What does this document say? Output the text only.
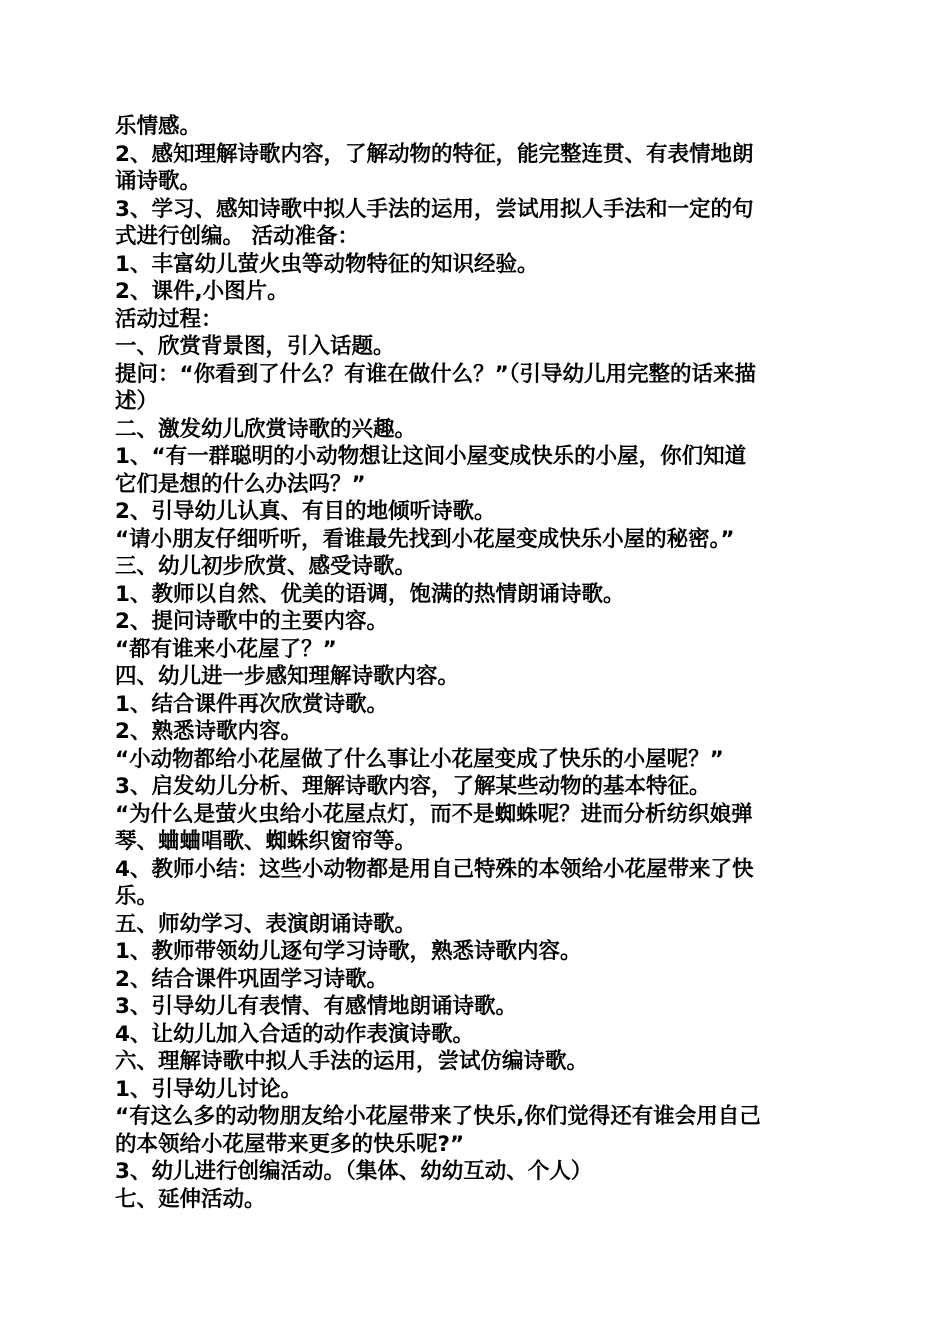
乐情感。
2、感知理解诗歌内容，了解动物的特征，能完整连贯、有表情地朗
诵诗歌。
3、学习、感知诗歌中拟人手法的运用，尝试用拟人手法和一定的句
式进行创编。 活动准备：
1、丰富幼儿萤火虫等动物特征的知识经验。
2、课件,小图片。
活动过程：
一、欣赏背景图，引入话题。
提问：“你看到了什么？有谁在做什么？”（引导幼儿用完整的话来描
述）
二、激发幼儿欣赏诗歌的兴趣。
1、“有一群聪明的小动物想让这间小屋变成快乐的小屋，你们知道
它们是想的什么办法吗？”
2、引导幼儿认真、有目的地倾听诗歌。
“请小朋友仔细听听，看谁最先找到小花屋变成快乐小屋的秘密。”
三、幼儿初步欣赏、感受诗歌。
1、教师以自然、优美的语调，饱满的热情朗诵诗歌。
2、提问诗歌中的主要内容。
“都有谁来小花屋了？”
四、幼儿进一步感知理解诗歌内容。
1、结合课件再次欣赏诗歌。
2、熟悉诗歌内容。
“小动物都给小花屋做了什么事让小花屋变成了快乐的小屋呢？”
3、启发幼儿分析、理解诗歌内容，了解某些动物的基本特征。
“为什么是萤火虫给小花屋点灯，而不是蜘蛛呢？进而分析纺织娘弹
琴、蛐蛐唱歌、蜘蛛织窗帘等。
4、教师小结：这些小动物都是用自己特殊的本领给小花屋带来了快
乐。
五、师幼学习、表演朗诵诗歌。
1、教师带领幼儿逐句学习诗歌，熟悉诗歌内容。
2、结合课件巩固学习诗歌。
3、引导幼儿有表情、有感情地朗诵诗歌。
4、让幼儿加入合适的动作表演诗歌。
六、理解诗歌中拟人手法的运用，尝试仿编诗歌。
1、引导幼儿讨论。
“有这么多的动物朋友给小花屋带来了快乐,你们觉得还有谁会用自己
的本领给小花屋带来更多的快乐呢?”
3、幼儿进行创编活动。（集体、幼幼互动、个人）
七、延伸活动。
